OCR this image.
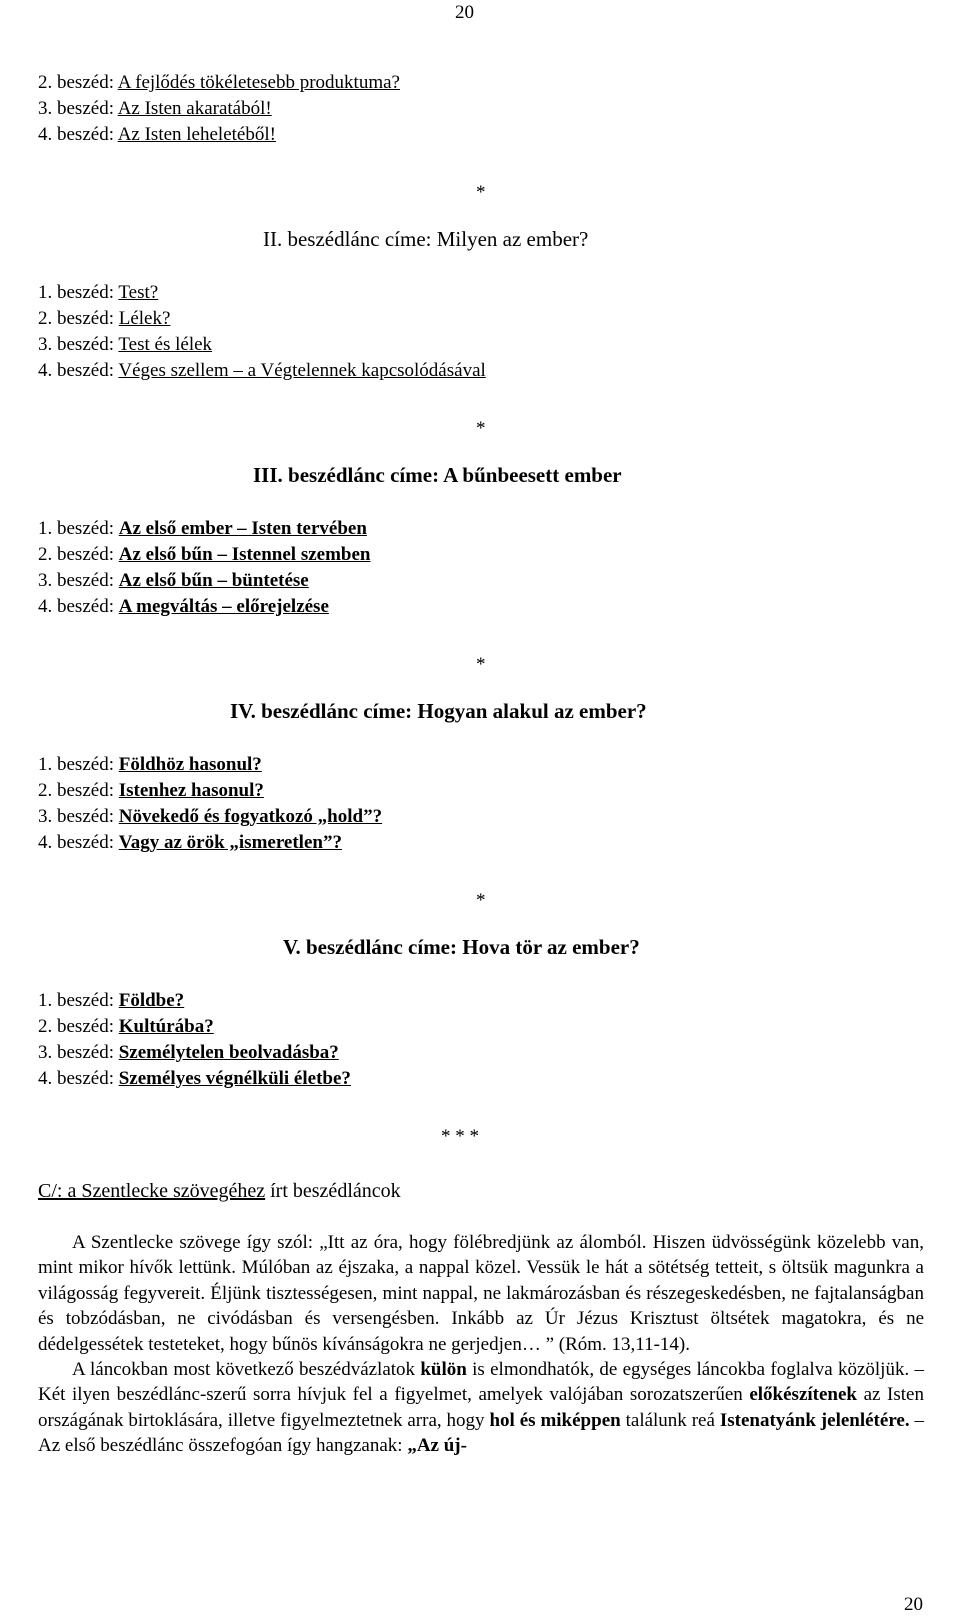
20
2. beszéd: A fejlődés tökéletesebb produktuma?
3. beszéd: Az Isten akaratából!
4. beszéd: Az Isten leheletéből!
*
II. beszédlánc címe: Milyen az ember?
1. beszéd: Test?
2. beszéd: Lélek?
3. beszéd: Test és lélek
4. beszéd: Véges szellem – a Végtelennek kapcsolódásával
*
III. beszédlánc címe: A bűnbeesett ember
1. beszéd: Az első ember – Isten tervében
2. beszéd: Az első bűn – Istennel szemben
3. beszéd: Az első bűn – büntetése
4. beszéd: A megváltás – előrejelzése
*
IV. beszédlánc címe: Hogyan alakul az ember?
1. beszéd: Földhöz hasonul?
2. beszéd: Istenhez hasonul?
3. beszéd: Növekedő és fogyatkozó „hold”?
4. beszéd: Vagy az örök „ismeretlen”?
*
V. beszédlánc címe: Hova tör az ember?
1. beszéd: Földbe?
2. beszéd: Kultúrába?
3. beszéd: Személytelen beolvadásba?
4. beszéd: Személyes végnélküli életbe?
* * *
C/: a Szentlecke szövegéhez írt beszédláncok

A Szentlecke szövege így szól: „Itt az óra, hogy fölébredjünk az álomból. Hiszen üdvösségünk közelebb van, mint mikor hívők lettünk. Múlóban az éjszaka, a nappal közel. Vessük le hát a sötétség tetteit, s öltsük magunkra a világosság fegyvereit. Éljünk tisztességesen, mint nappal, ne lakmározásban és részegeskedésben, ne fajtalanságban és tobzódásban, ne civódásban és versengésben. Inkább az Úr Jézus Krisztust öltsétek magatokra, és ne dédelgessétek testeteket, hogy bűnös kívánságokra ne gerjedjen… ” (Róm. 13,11-14).

A láncokban most következő beszédvázlatok külön is elmondhatók, de egységes láncokba foglalva közöljük. – Két ilyen beszédlánc-szerű sorra hívjuk fel a figyelmet, amelyek valójában sorozatszerűen előkészítenek az Isten országának birtoklására, illetve figyelmeztetnek arra, hogy hol és miképpen találunk reá Istenatyánk jelenlétére. – Az első beszédlánc összefogóan így hangzanak: „Az új-

20
